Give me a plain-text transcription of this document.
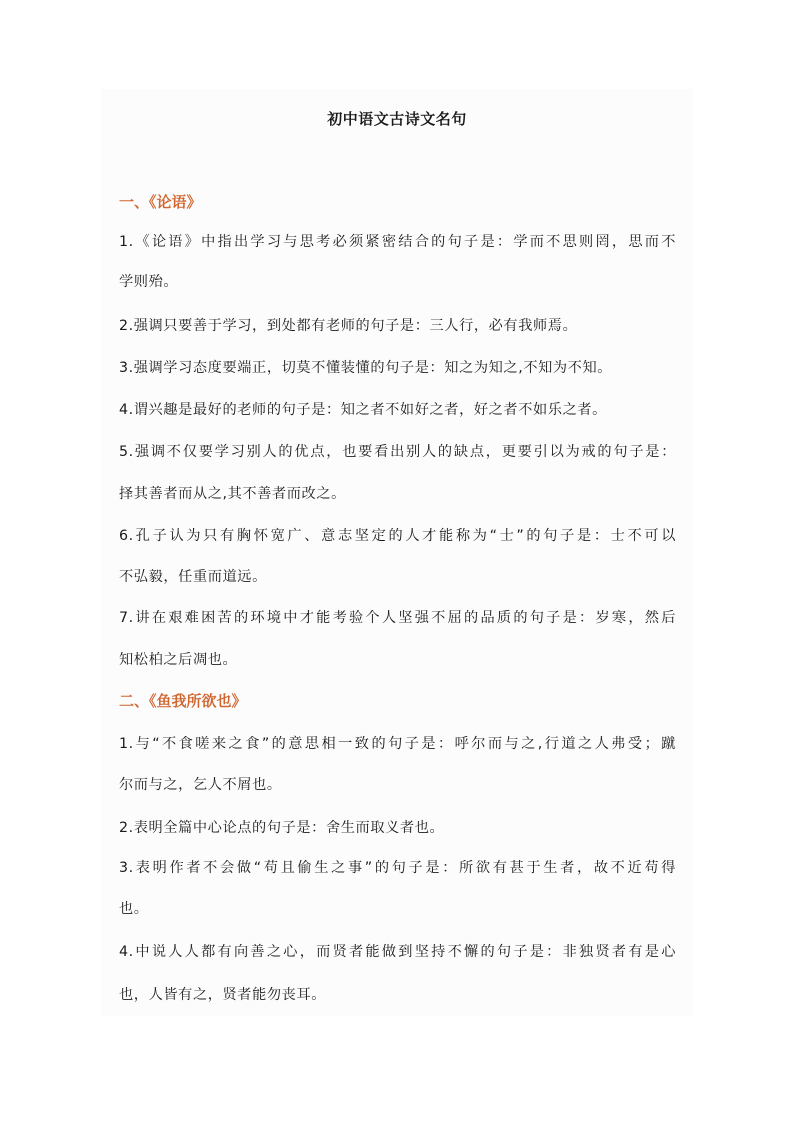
初中语文古诗文名句
一、《论语》
1.《论语》中指出学习与思考必须紧密结合的句子是：学而不思则罔，思而不
学则殆。
2.强调只要善于学习，到处都有老师的句子是：三人行，必有我师焉。
3.强调学习态度要端正，切莫不懂装懂的句子是：知之为知之,不知为不知。
4.谓兴趣是最好的老师的句子是：知之者不如好之者，好之者不如乐之者。
5.强调不仅要学习别人的优点，也要看出别人的缺点，更要引以为戒的句子是：
择其善者而从之,其不善者而改之。
6.孔子认为只有胸怀宽广、意志坚定的人才能称为“士”的句子是：士不可以
不弘毅，任重而道远。
7.讲在艰难困苦的环境中才能考验个人坚强不屈的品质的句子是：岁寒，然后
知松柏之后凋也。
二、《鱼我所欲也》
1.与“不食嗟来之食”的意思相一致的句子是：呼尔而与之,行道之人弗受；蹴
尔而与之，乞人不屑也。
2.表明全篇中心论点的句子是：舍生而取义者也。
3.表明作者不会做“苟且偷生之事”的句子是：所欲有甚于生者，故不近苟得
也。
4.中说人人都有向善之心，而贤者能做到坚持不懈的句子是：非独贤者有是心
也，人皆有之，贤者能勿丧耳。
